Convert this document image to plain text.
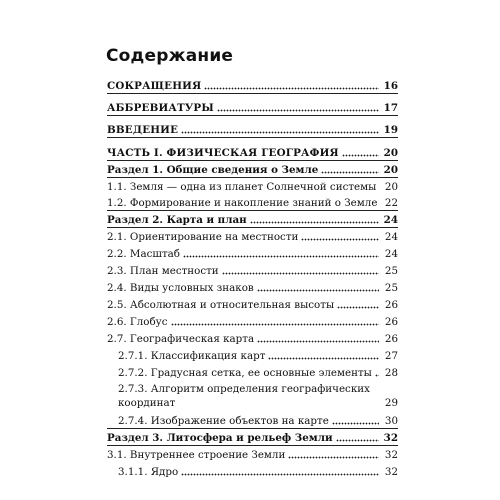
Содержание
СОКРАЩЕНИЯ	16
АББРЕВИАТУРЫ	17
ВВЕДЕНИЕ	19
ЧАСТЬ I. ФИЗИЧЕСКАЯ ГЕОГРАФИЯ	20
Раздел 1. Общие сведения о Земле	20
1.1. Земля — одна из планет Солнечной системы 20
1.2. Формирование и накопление знаний о Земле 22
Раздел 2. Карта и план	24
2.1. Ориентирование на местности	24
2.2. Масштаб	24
2.3. План местности	25
2.4. Виды условных знаков	25
2.5. Абсолютная и относительная высоты	26
2.6. Глобус	26
2.7. Географическая карта	26
2.7.1. Классификация карт	27
2.7.2. Градусная сетка, ее основные элементы	28
2.7.3. Алгоритм определения географических координат	29
2.7.4. Изображение объектов на карте	30
Раздел 3. Литосфера и рельеф Земли	32
3.1. Внутреннее строение Земли	32
3.1.1. Ядро	32
